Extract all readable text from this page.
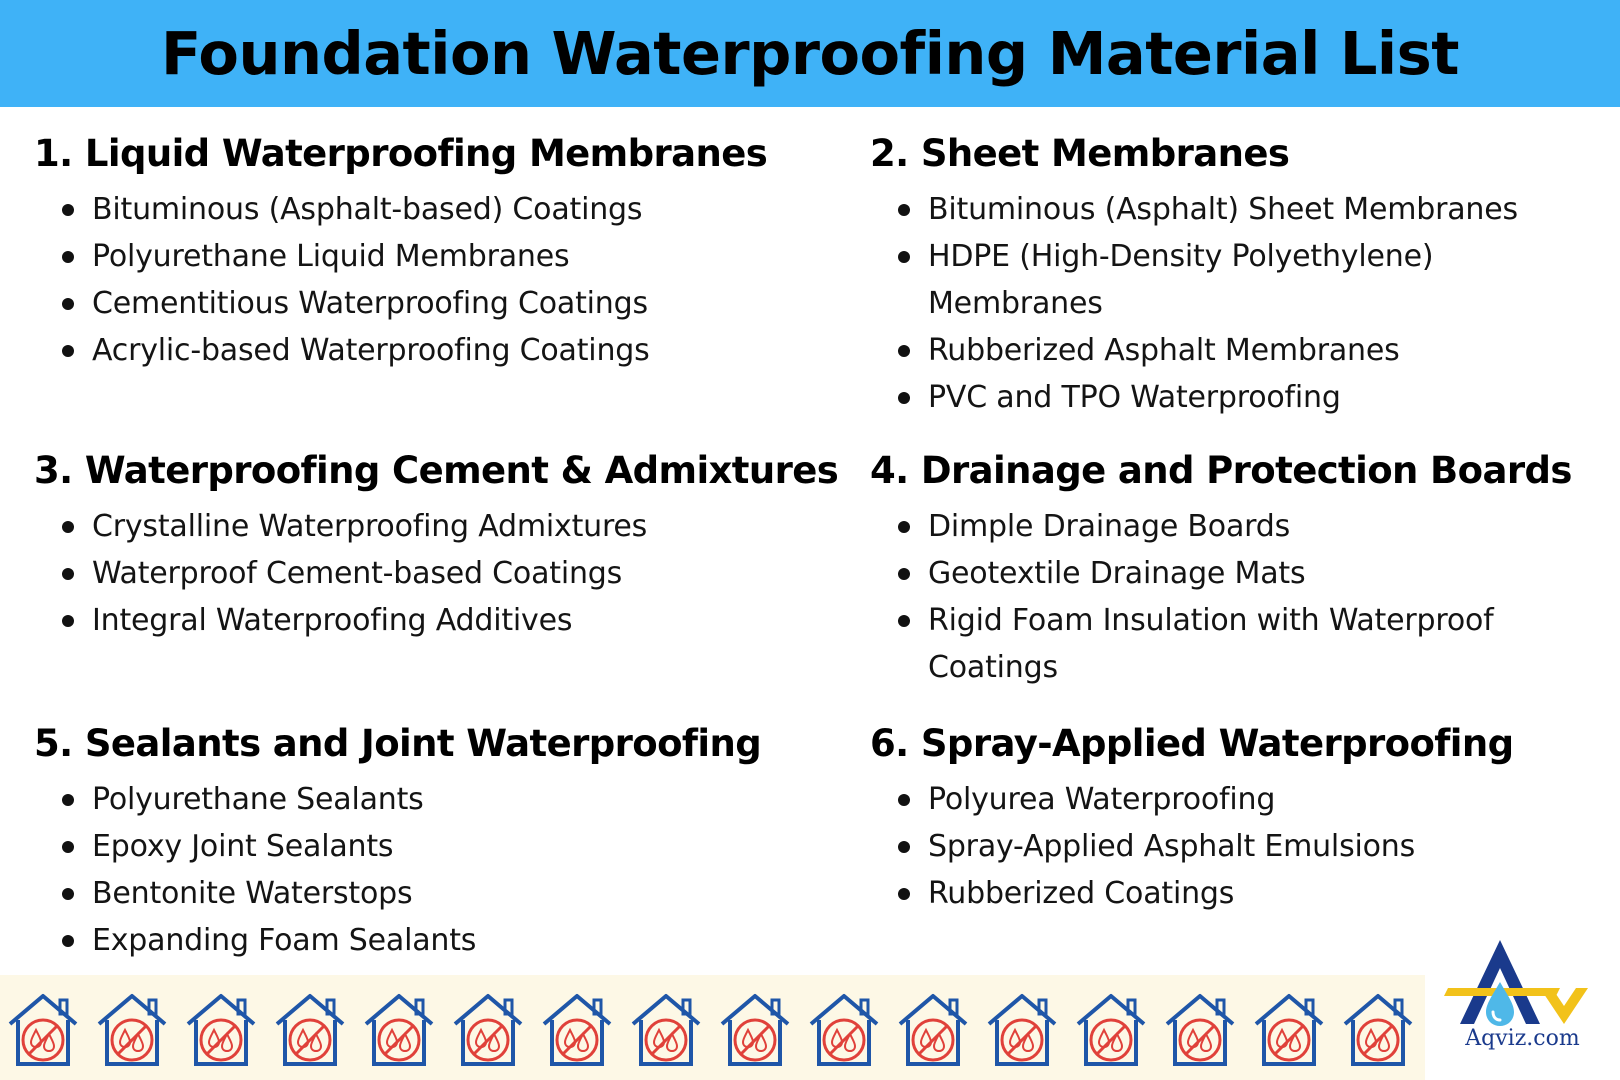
Foundation Waterproofing Material List
1. Liquid Waterproofing Membranes
Bituminous (Asphalt-based) Coatings
Polyurethane Liquid Membranes
Cementitious Waterproofing Coatings
Acrylic-based Waterproofing Coatings
2. Sheet Membranes
Bituminous (Asphalt) Sheet Membranes
HDPE (High-Density Polyethylene) Membranes
Rubberized Asphalt Membranes
PVC and TPO Waterproofing
3. Waterproofing Cement & Admixtures
Crystalline Waterproofing Admixtures
Waterproof Cement-based Coatings
Integral Waterproofing Additives
4. Drainage and Protection Boards
Dimple Drainage Boards
Geotextile Drainage Mats
Rigid Foam Insulation with Waterproof Coatings
5. Sealants and Joint Waterproofing
Polyurethane Sealants
Epoxy Joint Sealants
Bentonite Waterstops
Expanding Foam Sealants
6. Spray-Applied Waterproofing
Polyurea Waterproofing
Spray-Applied Asphalt Emulsions
Rubberized Coatings
Aqviz.com
